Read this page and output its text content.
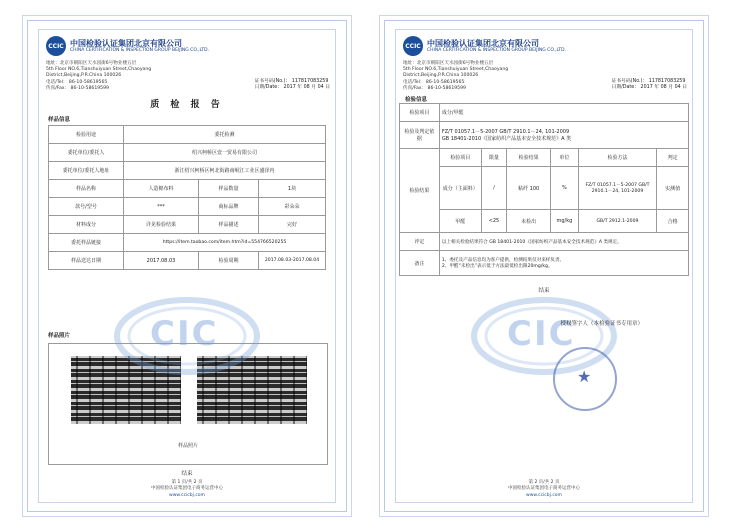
CCIC 中国检验认证集团北京有限公司
CHINA CERTIFICATION & INSPECTION GROUP BEIJING CO.,LTD.
地址：北京市朝阳区天水园街6号物业楼五层
5th Floor NO.6,Tianshuiyuan Street,Chaoyang
District,Beijing,P.R.China 100026
电话/Tel： 86-10-58619565
传真/Fax： 86-10-58619599
证书号码(No.)： 117817083259
日期/Date： 2017 年 08 月 04 日
质 检 报 告
样品信息
检验用途	委托检测		
委托单位/委托人	绍兴柯桥区壹一贸易有限公司		
委托单位/委托人地址	浙江绍兴柯桥区柯北街路南岷江工业区盛泽内		
样品名称	人造棉布料	样品数量	1块
款号/型号	***	商标品牌	彩朵朵
材料成分	详见检验结果	样品描述	完好
委托样品链接	https://item.taobao.com/item.htm?id=554766520255		
样品送达日期	2017.08.03	检验周期	2017.08.03-2017.08.04
样品照片
样品照片
结束
CIC
第 1 页/共 2 页
中国检验认证集团电子商务运营中心
www.ccicbj.com
CCIC 中国检验认证集团北京有限公司
CHINA CERTIFICATION & INSPECTION GROUP BEIJING CO.,LTD.
地址：北京市朝阳区天水园街6号物业楼五层
5th Floor NO.6,Tianshuiyuan Street,Chaoyang
District,Beijing,P.R.China 100026
电话/Tel： 86-10-58619565
传真/Fax： 86-10-58619599
证书号码(No.)： 117817083259
日期/Date： 2017 年 08 月 04 日
检验信息
检验项目	成分/甲醛					
检验及判定依据	FZ/T 01057.1－5-2007 GB/T 2910.1－24, 101-2009
GB 18401-2010《国家纺织产品基本安全技术规范》A 类					

检验结果	检验项目	限量	检验结果	单位	检验方法	判定
	成分（主面料）	/	粘纤 100	%	FZ/T 01057.1－5-2007 GB/T 2910.1－24, 101-2009	实测值
	甲醛	<25	未检出	mg/kg	GB/T 2912.1-2009	合格
评定	以上相关检验结果符合 GB 18401-2010《国家纺织产品基本安全技术规范》A 类规定。					
备注	1、委托及产品信息均为客户提供，检测结果仅对来样负责。
2、甲醛“未检出”表示低于方法最低检出限20mg/kg。					
结束
CIC
授权签字人（本检验证书专用章）
★
第 2 页/共 2 页
中国检验认证集团电子商务运营中心
www.ccicbj.com
